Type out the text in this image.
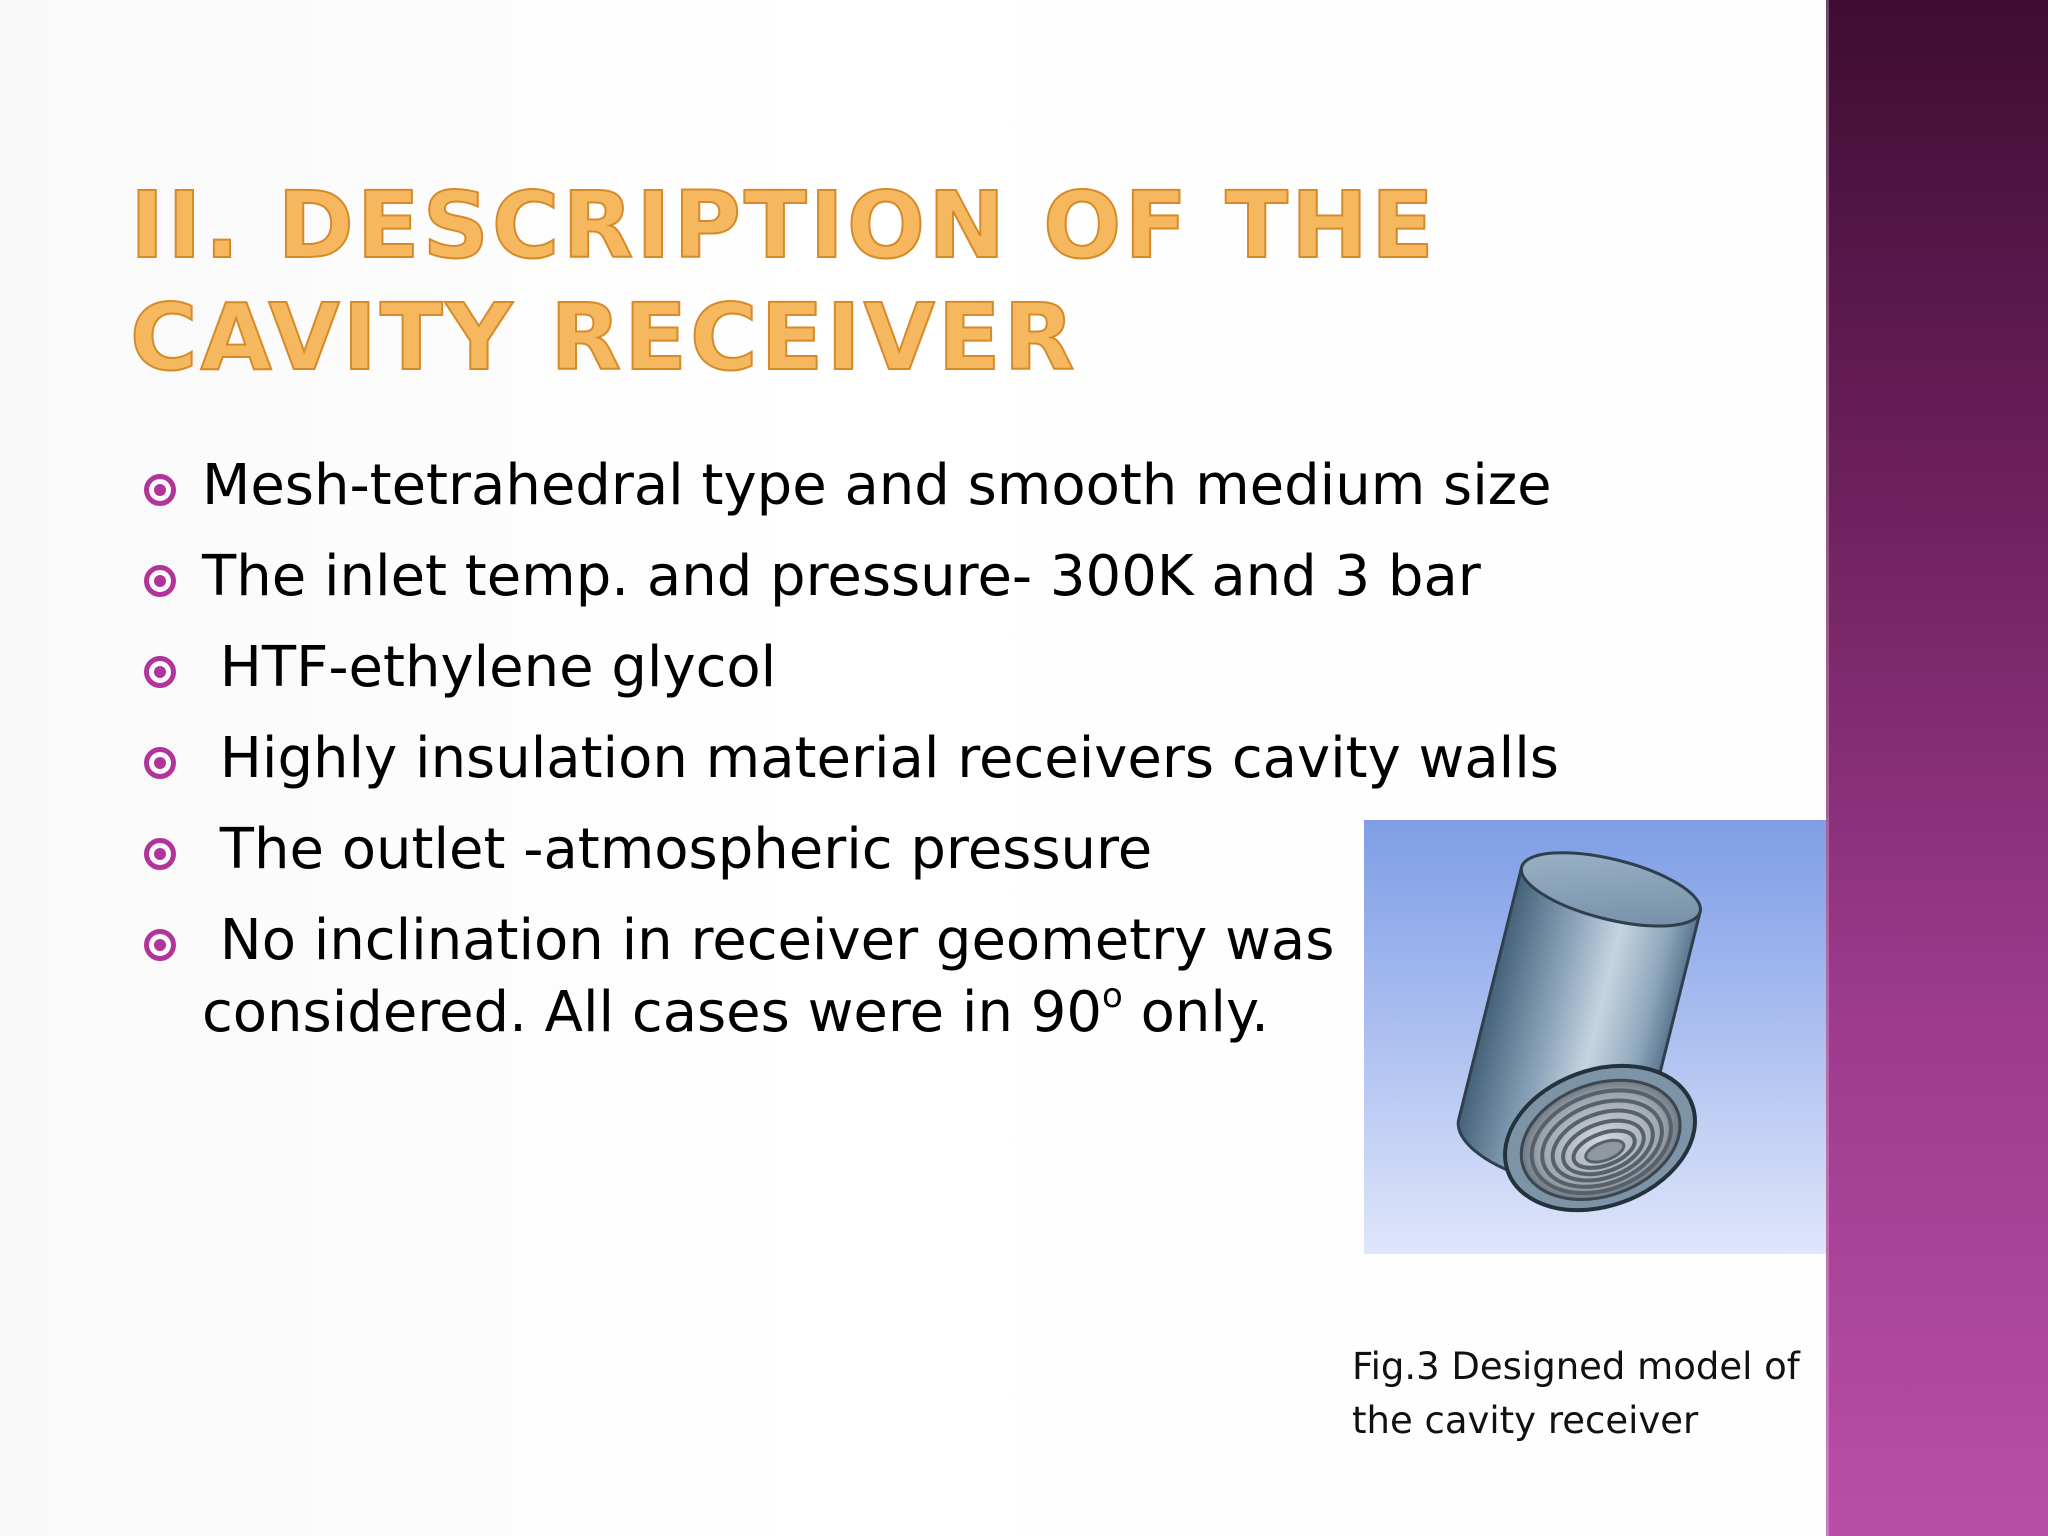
II. DESCRIPTION OF THE CAVITY RECEIVER
Mesh-tetrahedral type and smooth medium size
The inlet temp. and pressure- 300K and 3 bar
HTF-ethylene glycol
Highly insulation material receivers cavity walls
The outlet -atmospheric pressure
No inclination in receiver geometry was
considered. All cases were in 90$^o$ only.
Fig.3 Designed model of
the cavity receiver
